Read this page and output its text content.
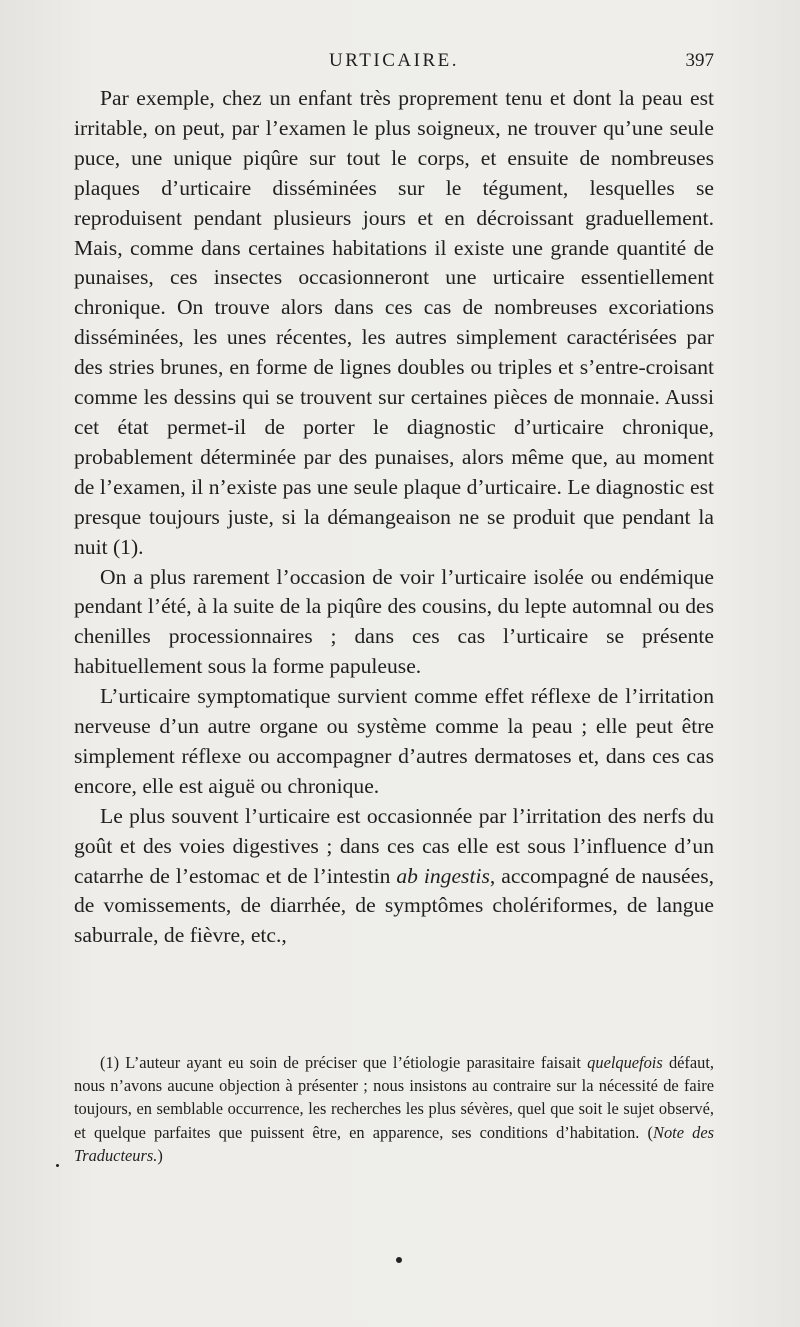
URTICAIRE.	397

Par exemple, chez un enfant très proprement tenu et dont la peau est irritable, on peut, par l’examen le plus soigneux, ne trouver qu’une seule puce, une unique piqûre sur tout le corps, et ensuite de nombreuses plaques d’urticaire disséminées sur le tégument, lesquelles se reproduisent pendant plusieurs jours et en décroissant graduellement. Mais, comme dans certaines habitations il existe une grande quantité de punaises, ces insectes occasionneront une urticaire essentiellement chronique. On trouve alors dans ces cas de nombreuses excoriations disséminées, les unes récentes, les autres simplement caractérisées par des stries brunes, en forme de lignes doubles ou triples et s’entre-croisant comme les dessins qui se trouvent sur certaines pièces de monnaie. Aussi cet état permet-il de porter le diagnostic d’urticaire chronique, probablement déterminée par des punaises, alors même que, au moment de l’examen, il n’existe pas une seule plaque d’urticaire. Le diagnostic est presque toujours juste, si la démangeaison ne se produit que pendant la nuit (1).

On a plus rarement l’occasion de voir l’urticaire isolée ou endémique pendant l’été, à la suite de la piqûre des cousins, du lepte automnal ou des chenilles processionnaires ; dans ces cas l’urticaire se présente habituellement sous la forme papuleuse.

L’urticaire symptomatique survient comme effet réflexe de l’irritation nerveuse d’un autre organe ou système comme la peau ; elle peut être simplement réflexe ou accompagner d’autres dermatoses et, dans ces cas encore, elle est aiguë ou chronique.

Le plus souvent l’urticaire est occasionnée par l’irritation des nerfs du goût et des voies digestives ; dans ces cas elle est sous l’influence d’un catarrhe de l’estomac et de l’intestin ab ingestis, accompagné de nausées, de vomissements, de diarrhée, de symptômes cholériformes, de langue saburrale, de fièvre, etc.,

(1) L’auteur ayant eu soin de préciser que l’étiologie parasitaire faisait quelquefois défaut, nous n’avons aucune objection à présenter ; nous insistons au contraire sur la nécessité de faire toujours, en semblable occurrence, les recherches les plus sévères, quel que soit le sujet observé, et quelque parfaites que puissent être, en apparence, ses conditions d’habitation. (Note des Traducteurs.)
